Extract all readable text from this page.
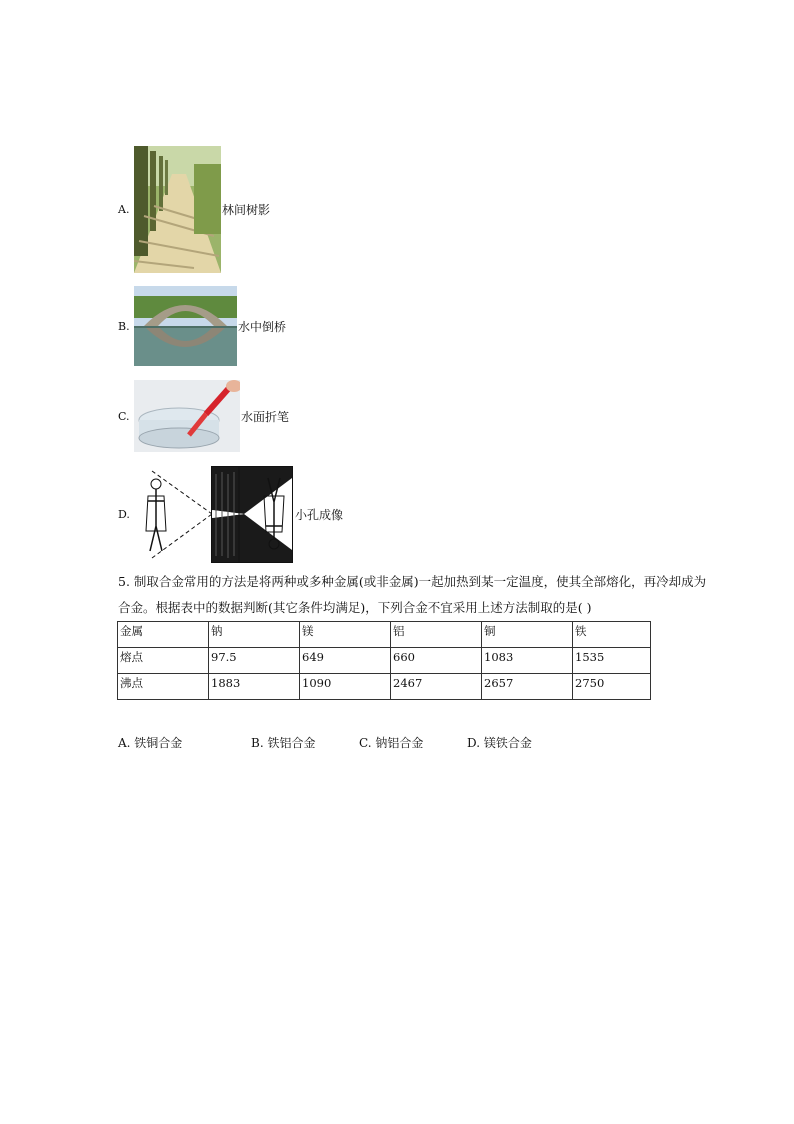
A.	林间树影
B.	水中倒桥
C.	水面折笔
D.	小孔成像
5. 制取合金常用的方法是将两种或多种金属(或非金属)一起加热到某一定温度，使其全部熔化，再冷却成为
合金。根据表中的数据判断(其它条件均满足)，下列合金不宜采用上述方法制取的是( )
金属	钠	镁	铝	铜	铁
熔点	97.5	649	660	1083	1535
沸点	1883	1090	2467	2657	2750
A. 铁铜合金	B. 铁铝合金	C. 钠铝合金	D. 镁铁合金
